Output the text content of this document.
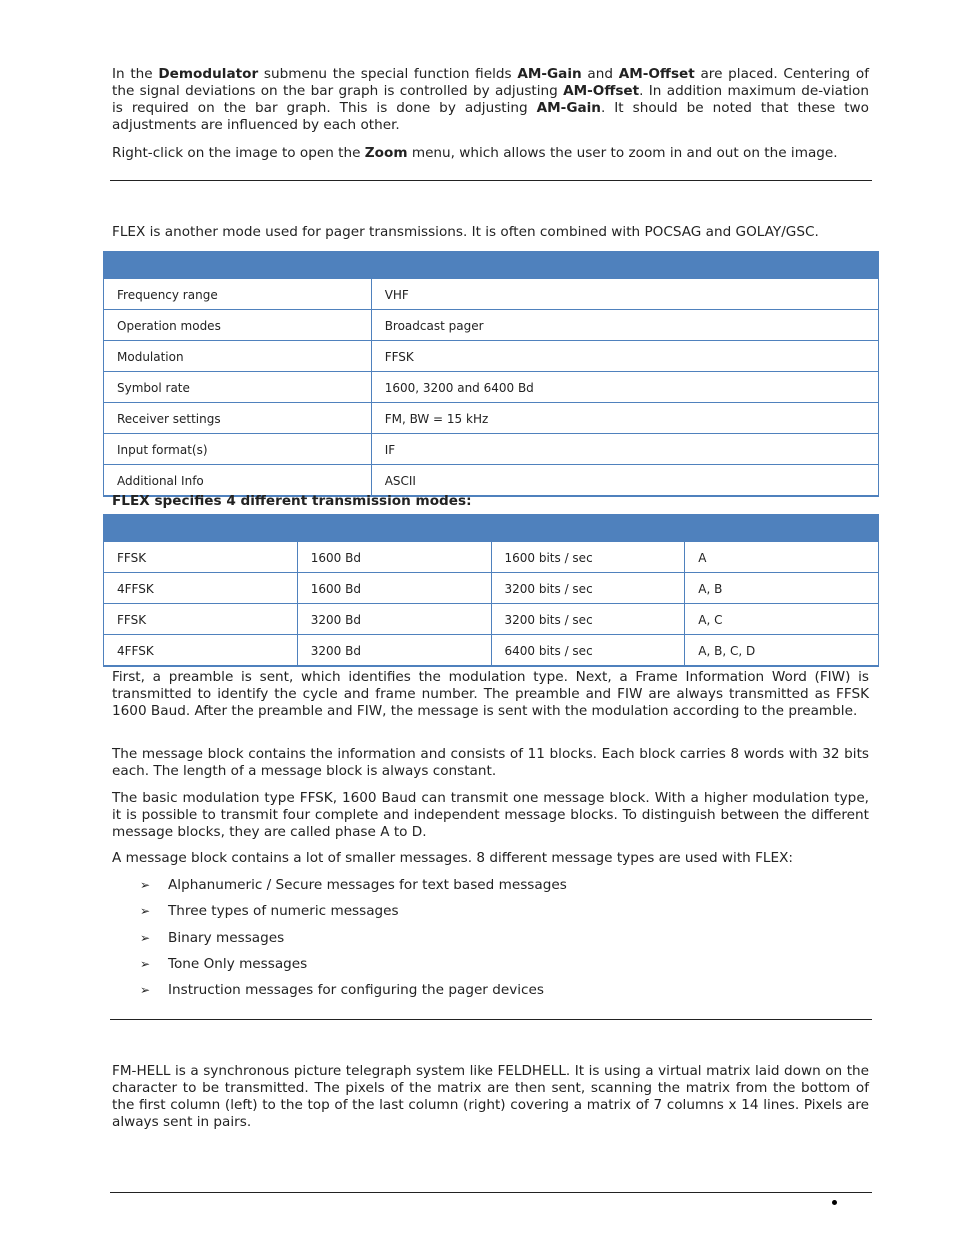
In the Demodulator submenu the special function fields AM-Gain and AM-Offset are placed. Centering of the signal deviations on the bar graph is controlled by adjusting AM-Offset. In addition maximum de-viation is required on the bar graph. This is done by adjusting AM-Gain. It should be noted that these two adjustments are influenced by each other.

Right-click on the image to open the Zoom menu, which allows the user to zoom in and out on the image.

FLEX is another mode used for pager transmissions. It is often combined with POCSAG and GOLAY/GSC.

Frequency range	VHF
Operation modes	Broadcast pager
Modulation	FFSK
Symbol rate	1600, 3200 and 6400 Bd
Receiver settings	FM, BW = 15 kHz
Input format(s)	IF
Additional Info	ASCII

FLEX specifies 4 different transmission modes:

FFSK	1600 Bd	1600 bits / sec	A
4FFSK	1600 Bd	3200 bits / sec	A, B
FFSK	3200 Bd	3200 bits / sec	A, C
4FFSK	3200 Bd	6400 bits / sec	A, B, C, D

First, a preamble is sent, which identifies the modulation type. Next, a Frame Information Word (FIW) is transmitted to identify the cycle and frame number. The preamble and FIW are always transmitted as FFSK 1600 Baud. After the preamble and FIW, the message is sent with the modulation according to the preamble.

The message block contains the information and consists of 11 blocks. Each block carries 8 words with 32 bits each. The length of a message block is always constant.

The basic modulation type FFSK, 1600 Baud can transmit one message block. With a higher modulation type, it is possible to transmit four complete and independent message blocks. To distinguish between the different message blocks, they are called phase A to D.

A message block contains a lot of smaller messages. 8 different message types are used with FLEX:

➢ Alphanumeric / Secure messages for text based messages
➢ Three types of numeric messages
➢ Binary messages
➢ Tone Only messages
➢ Instruction messages for configuring the pager devices

FM-HELL is a synchronous picture telegraph system like FELDHELL. It is using a virtual matrix laid down on the character to be transmitted. The pixels of the matrix are then sent, scanning the matrix from the bottom of the first column (left) to the top of the last column (right) covering a matrix of 7 columns x 14 lines. Pixels are always sent in pairs.
